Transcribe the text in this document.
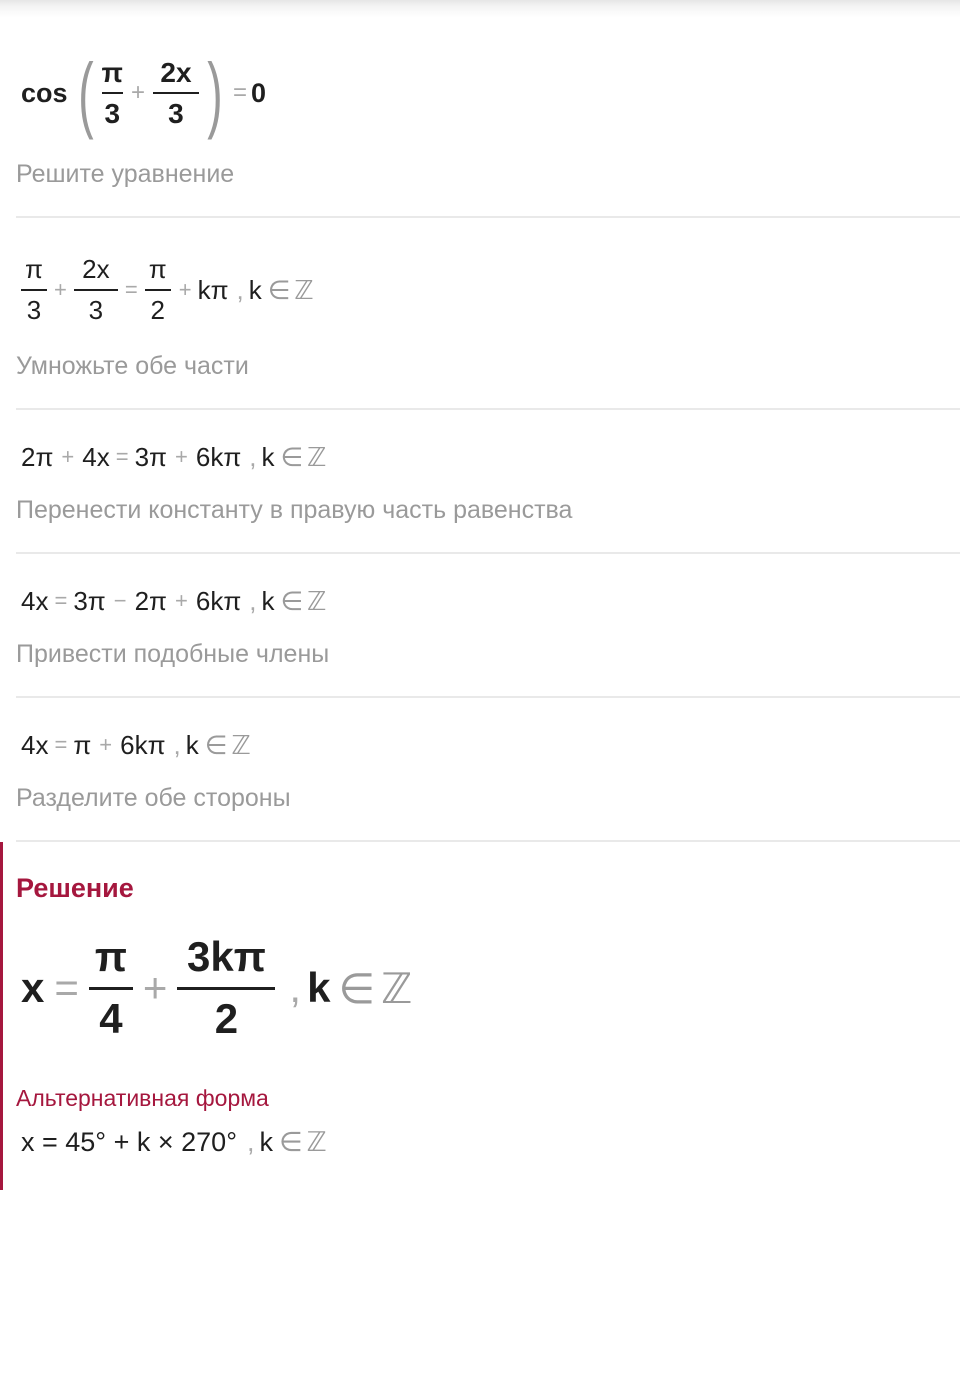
cos ( $\frac{\pi}{3} + \frac{2x}{3}$ ) = 0
Решите уравнение
$\frac{\pi}{3} + \frac{2x}{3} = \frac{\pi}{2} + k\pi$ , k ∈ ℤ
Умножьте обе части
2π + 4x = 3π + 6kπ , k ∈ ℤ
Перенести константу в правую часть равенства
4x = 3π − 2π + 6kπ , k ∈ ℤ
Привести подобные члены
4x = π + 6kπ , k ∈ ℤ
Разделите обе стороны
Решение
$x = \frac{\pi}{4} + \frac{3k\pi}{2}$ , k ∈ ℤ
Альтернативная форма
x = 45° + k × 270° , k ∈ ℤ
